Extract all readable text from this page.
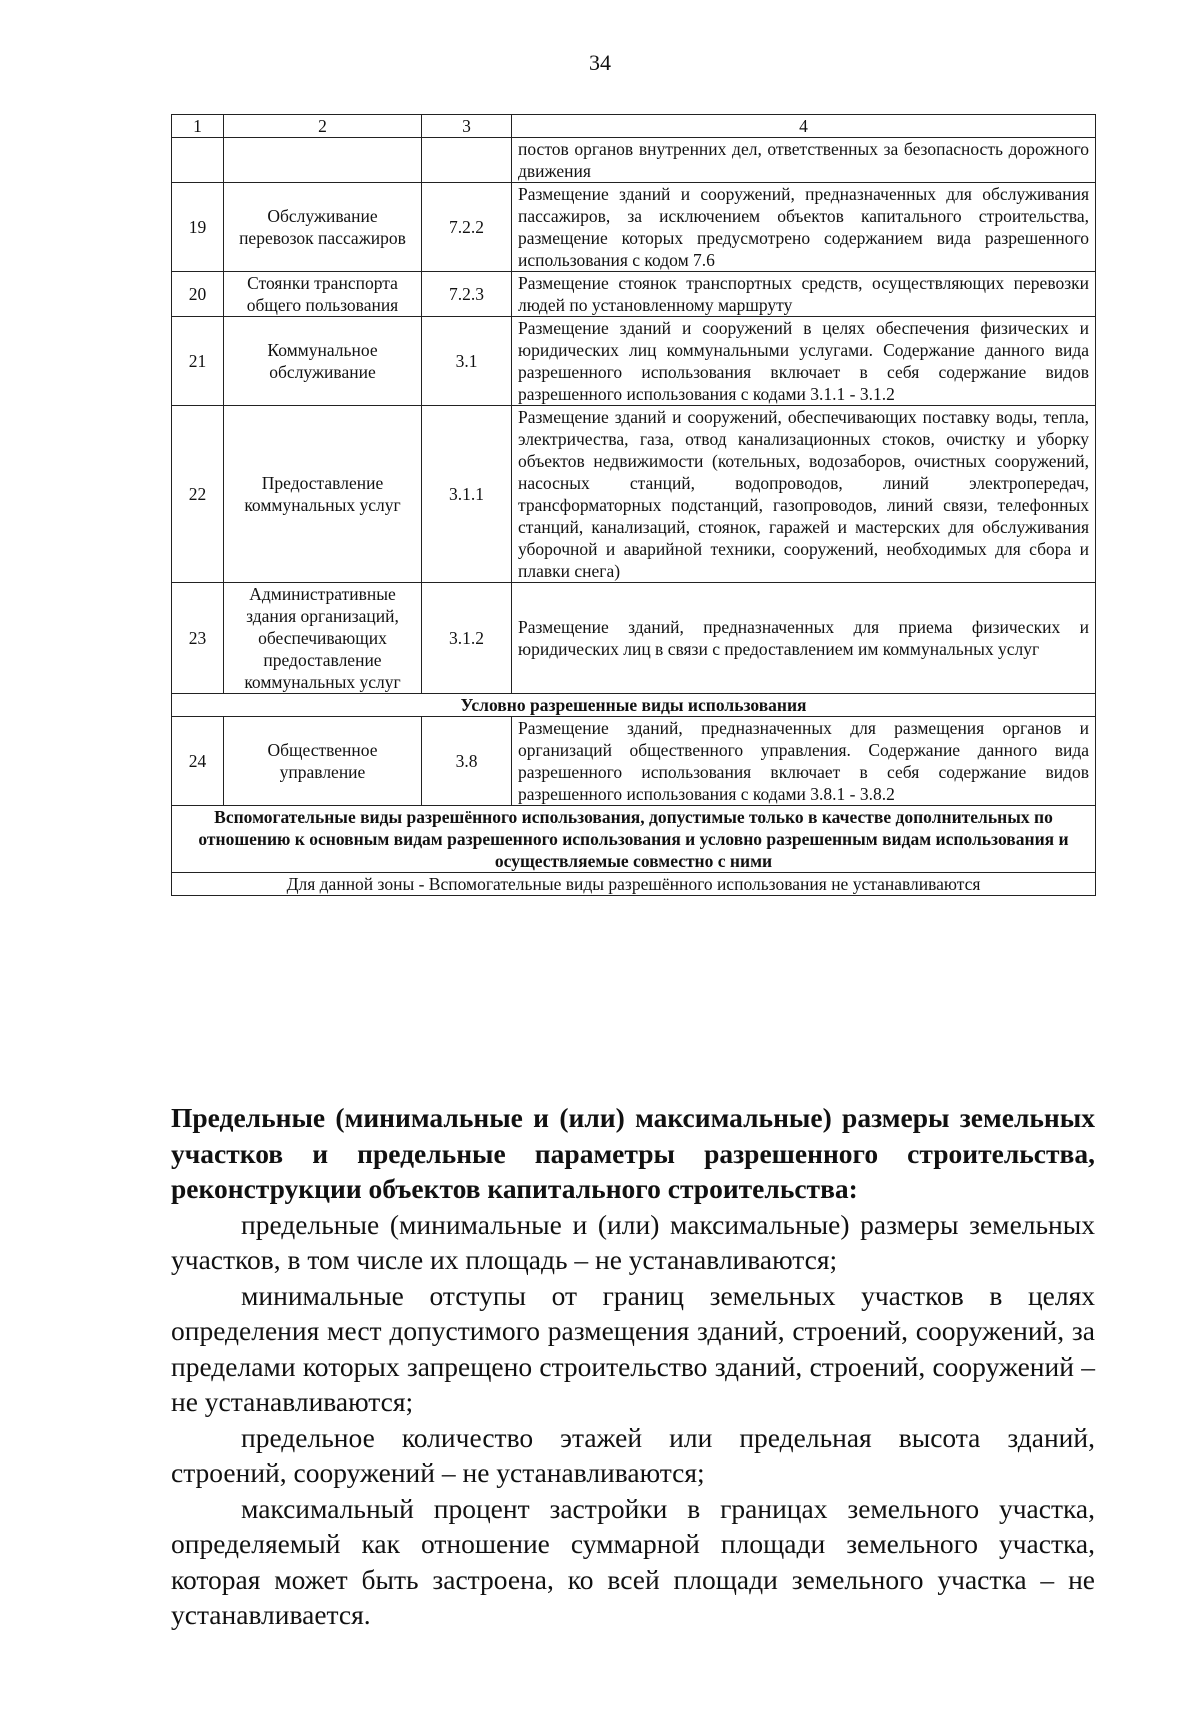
34
1	2	3	4
			постов органов внутренних дел, ответственных за безопасность дорожного движения
19	Обслуживание перевозок пассажиров	7.2.2	Размещение зданий и сооружений, предназначенных для обслуживания пассажиров, за исключением объектов капитального строительства, размещение которых предусмотрено содержанием вида разрешенного использования с кодом 7.6
20	Стоянки транспорта общего пользования	7.2.3	Размещение стоянок транспортных средств, осуществляющих перевозки людей по установленному маршруту
21	Коммунальное обслуживание	3.1	Размещение зданий и сооружений в целях обеспечения физических и юридических лиц коммунальными услугами. Содержание данного вида разрешенного использования включает в себя содержание видов разрешенного использования с кодами 3.1.1 - 3.1.2
22	Предоставление коммунальных услуг	3.1.1	Размещение зданий и сооружений, обеспечивающих поставку воды, тепла, электричества, газа, отвод канализационных стоков, очистку и уборку объектов недвижимости (котельных, водозаборов, очистных сооружений, насосных станций, водопроводов, линий электропередач, трансформаторных подстанций, газопроводов, линий связи, телефонных станций, канализаций, стоянок, гаражей и мастерских для обслуживания уборочной и аварийной техники, сооружений, необходимых для сбора и плавки снега)
23	Административные здания организаций, обеспечивающих предоставление коммунальных услуг	3.1.2	Размещение зданий, предназначенных для приема физических и юридических лиц в связи с предоставлением им коммунальных услуг
Условно разрешенные виды использования			
24	Общественное управление	3.8	Размещение зданий, предназначенных для размещения органов и организаций общественного управления. Содержание данного вида разрешенного использования включает в себя содержание видов разрешенного использования с кодами 3.8.1 - 3.8.2
Вспомогательные виды разрешённого использования, допустимые только в качестве дополнительных по отношению к основным видам разрешенного использования и условно разрешенным видам использования и осуществляемые совместно с ними			
Для данной зоны - Вспомогательные виды разрешённого использования не устанавливаются			

Предельные (минимальные и (или) максимальные) размеры земельных участков и предельные параметры разрешенного строительства, реконструкции объектов капитального строительства:

предельные (минимальные и (или) максимальные) размеры земельных участков, в том числе их площадь – не устанавливаются;

минимальные отступы от границ земельных участков в целях определения мест допустимого размещения зданий, строений, сооружений, за пределами которых запрещено строительство зданий, строений, сооружений – не устанавливаются;

предельное количество этажей или предельная высота зданий, строений, сооружений – не устанавливаются;

максимальный процент застройки в границах земельного участка, определяемый как отношение суммарной площади земельного участка, которая может быть застроена, ко всей площади земельного участка – не устанавливается.
